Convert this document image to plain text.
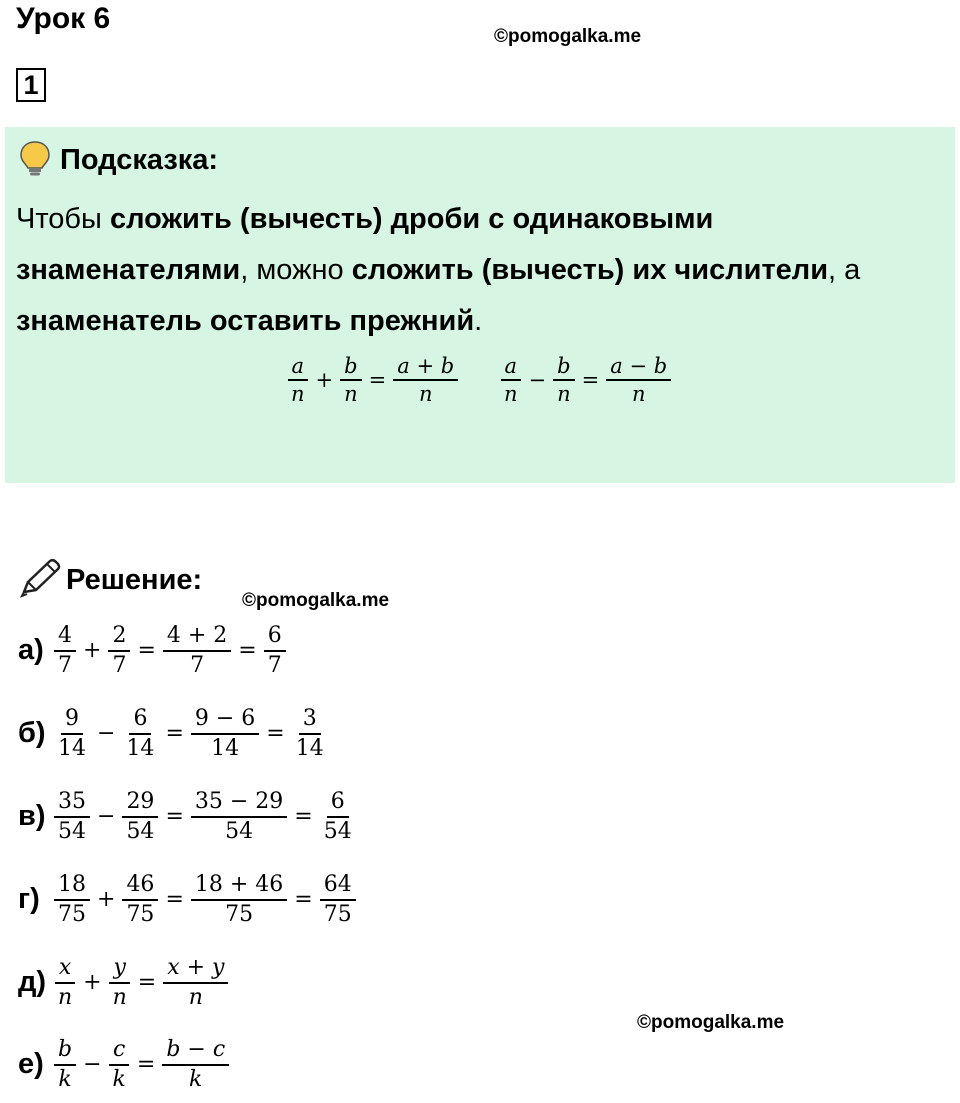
Урок 6
©pomogalka.me
1
Подсказка:
Чтобы сложить (вычесть) дроби с одинаковыми
знаменателями, можно сложить (вычесть) их числители, а
знаменатель оставить прежний.
$\frac{a}{n} + \frac{b}{n} = \frac{a + b}{n} \frac{a}{n} - \frac{b}{n} = \frac{a - b}{n}$
Решение:
©pomogalka.me
©pomogalka.me
$а) \frac{4}{7} + \frac{2}{7} = \frac{4 + 2}{7} = \frac{6}{7}$
$б) \frac{9}{14} - \frac{6}{14} = \frac{9 - 6}{14} = \frac{3}{14}$
$в) \frac{35}{54} - \frac{29}{54} = \frac{35 - 29}{54} = \frac{6}{54}$
$г) \frac{18}{75} + \frac{46}{75} = \frac{18 + 46}{75} = \frac{64}{75}$
$д) \frac{x}{n} + \frac{y}{n} = \frac{x + y}{n}$
$е) \frac{b}{k} - \frac{c}{k} = \frac{b - c}{k}$
